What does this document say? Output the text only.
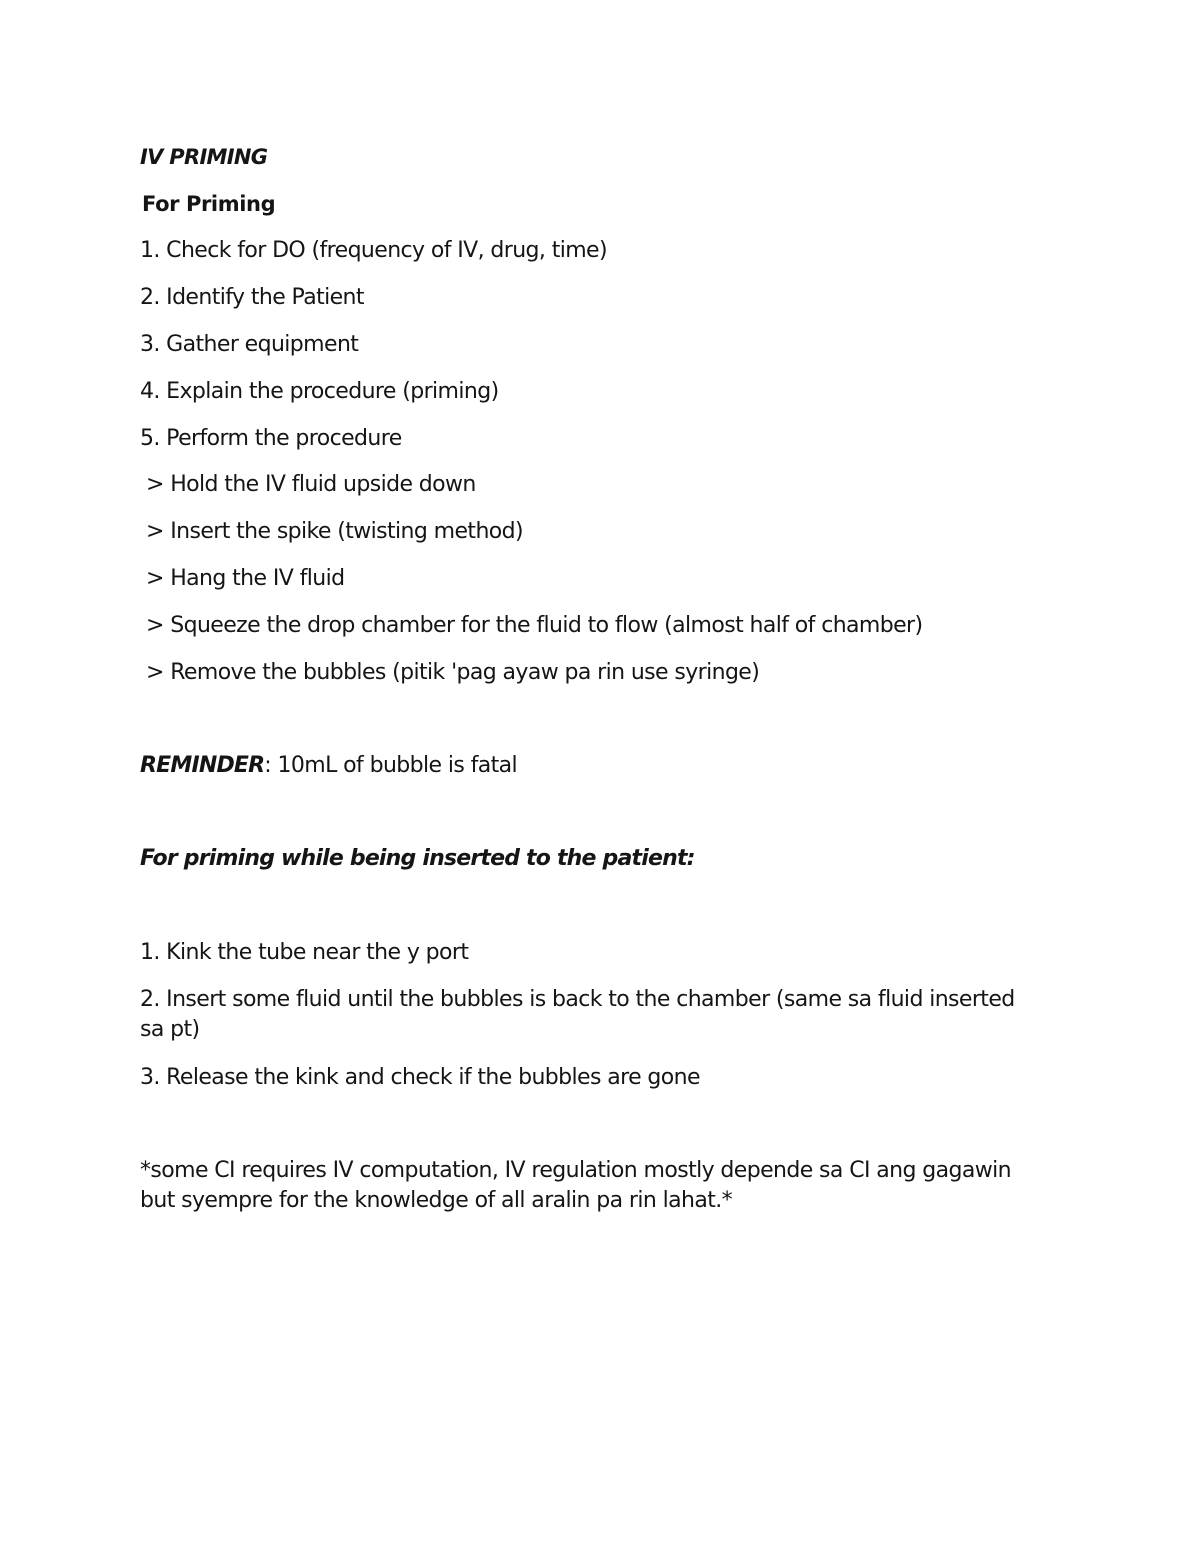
IV PRIMING
For Priming
1. Check for DO (frequency of IV, drug, time)
2. Identify the Patient
3. Gather equipment
4. Explain the procedure (priming)
5. Perform the procedure
> Hold the IV fluid upside down
> Insert the spike (twisting method)
> Hang the IV fluid
> Squeeze the drop chamber for the fluid to flow (almost half of chamber)
> Remove the bubbles (pitik 'pag ayaw pa rin use syringe)
REMINDER: 10mL of bubble is fatal
For priming while being inserted to the patient:
1. Kink the tube near the y port
2. Insert some fluid until the bubbles is back to the chamber (same sa fluid inserted sa pt)
3. Release the kink and check if the bubbles are gone
*some CI requires IV computation, IV regulation mostly depende sa CI ang gagawin but syempre for the knowledge of all aralin pa rin lahat.*
